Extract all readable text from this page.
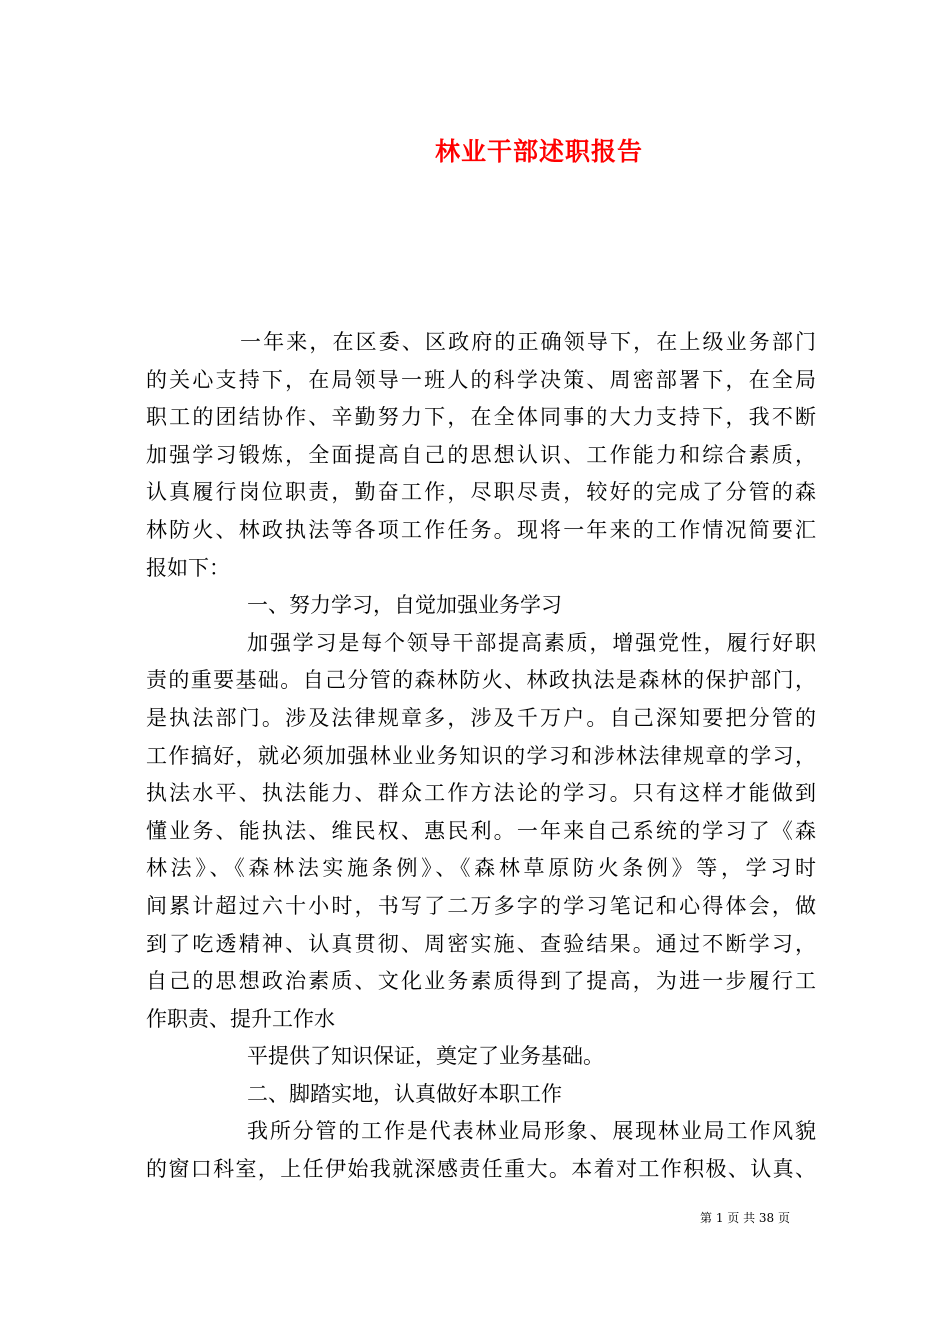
林业干部述职报告
一年来，在区委、区政府的正确领导下，在上级业务部门
的关心支持下，在局领导一班人的科学决策、周密部署下，在全局
职工的团结协作、辛勤努力下，在全体同事的大力支持下，我不断
加强学习锻炼，全面提高自己的思想认识、工作能力和综合素质，
认真履行岗位职责，勤奋工作，尽职尽责，较好的完成了分管的森
林防火、林政执法等各项工作任务。现将一年来的工作情况简要汇
报如下：
一、努力学习，自觉加强业务学习
加强学习是每个领导干部提高素质，增强党性，履行好职
责的重要基础。自己分管的森林防火、林政执法是森林的保护部门，
是执法部门。涉及法律规章多，涉及千万户。自己深知要把分管的
工作搞好，就必须加强林业业务知识的学习和涉林法律规章的学习，
执法水平、执法能力、群众工作方法论的学习。只有这样才能做到
懂业务、能执法、维民权、惠民利。一年来自己系统的学习了《森
林法》、《森林法实施条例》、《森林草原防火条例》等，学习时
间累计超过六十小时，书写了二万多字的学习笔记和心得体会，做
到了吃透精神、认真贯彻、周密实施、查验结果。通过不断学习，
自己的思想政治素质、文化业务素质得到了提高，为进一步履行工
作职责、提升工作水
平提供了知识保证，奠定了业务基础。
二、脚踏实地，认真做好本职工作
我所分管的工作是代表林业局形象、展现林业局工作风貌
的窗口科室，上任伊始我就深感责任重大。本着对工作积极、认真、
第 1 页 共 38 页
